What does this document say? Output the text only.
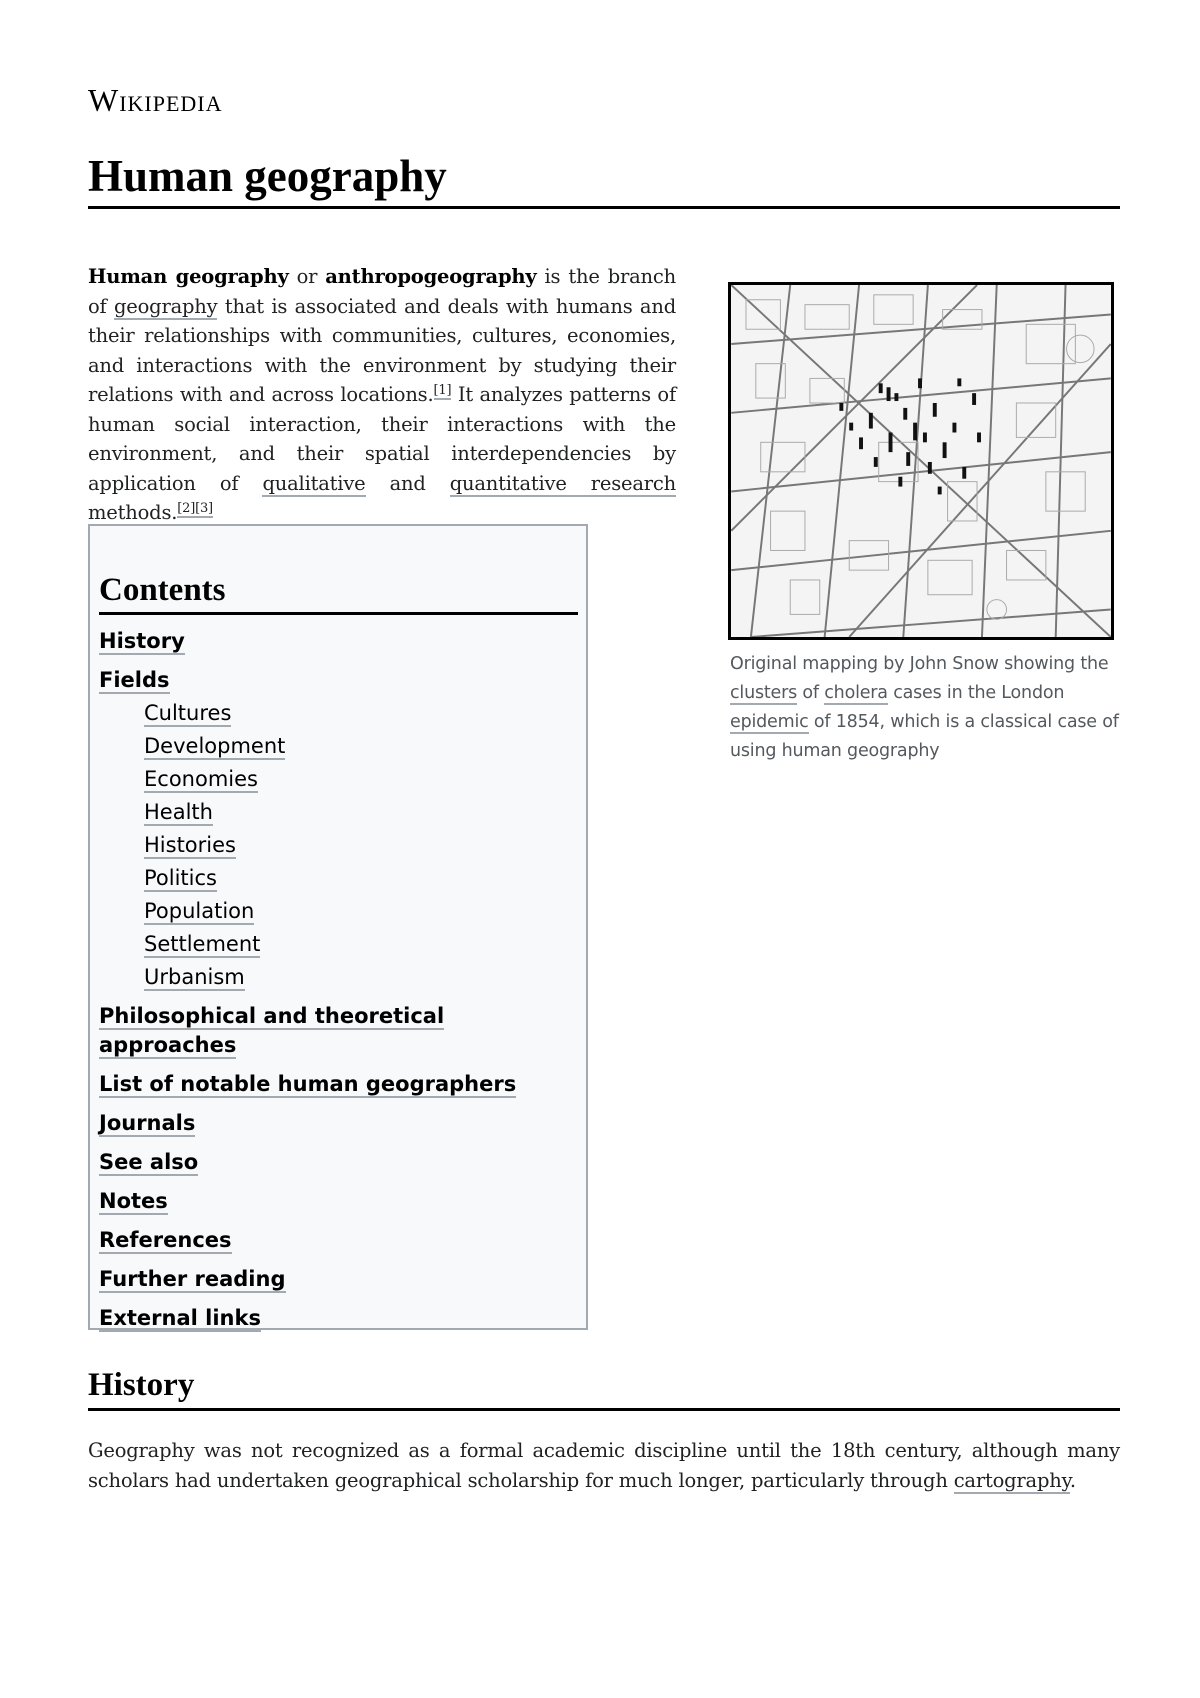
Wikipedia
Human geography

Human geography or anthropogeography is the branch of geography that is associated and deals with humans and their relationships with communities, cultures, economies, and interactions with the environment by studying their relations with and across locations.[1] It analyzes patterns of human social interaction, their interactions with the environment, and their spatial interdependencies by application of qualitative and quantitative research methods.[2][3]

Original mapping by John Snow showing the clusters of cholera cases in the London epidemic of 1854, which is a classical case of using human geography
Contents
History
Fields
Cultures
Development
Economies
Health
Histories
Politics
Population
Settlement
Urbanism
Philosophical and theoretical approaches
List of notable human geographers
Journals
See also
Notes
References
Further reading
External links
History

Geography was not recognized as a formal academic discipline until the 18th century, although many scholars had undertaken geographical scholarship for much longer, particularly through cartography.
